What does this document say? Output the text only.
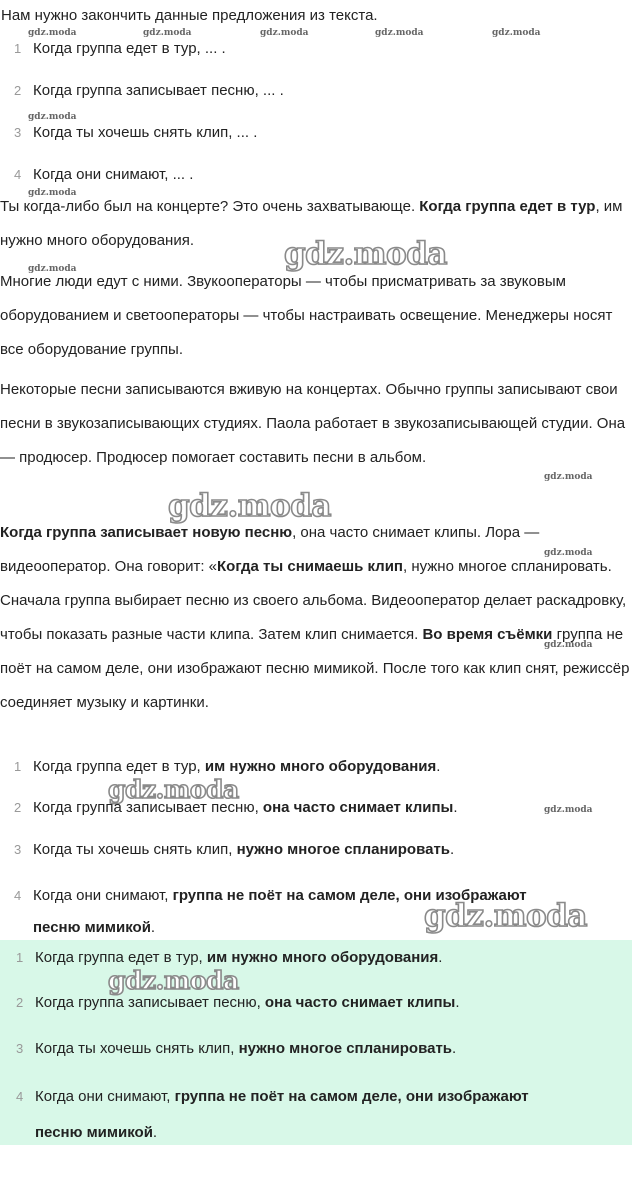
Нам нужно закончить данные предложения из текста.
gdz.moda	gdz.moda	gdz.moda	gdz.moda	gdz.moda
1 Когда группа едет в тур, ... .
2 Когда группа записывает песню, ... .
gdz.moda
3 Когда ты хочешь снять клип, ... .
4 Когда они снимают, ... .
gdz.moda
Ты когда-либо был на концерте? Это очень захватывающе. Когда группа едет в тур, им нужно много оборудования.	gdz.moda
gdz.moda
Многие люди едут с ними. Звукооператоры — чтобы присматривать за звуковым оборудованием и светооператоры — чтобы настраивать освещение. Менеджеры носят все оборудование группы.
Некоторые песни записываются вживую на концертах. Обычно группы записывают свои песни в звукозаписывающих студиях. Паола работает в звукозаписывающей студии. Она — продюсер. Продюсер помогает составить песни в альбом.
gdz.moda
gdz.moda
gdz.moda
Когда группа записывает новую песню, она часто снимает клипы. Лора — видеооператор. Она говорит: «Когда ты снимаешь клип, нужно многое спланировать. Сначала группа выбирает песню из своего альбома. Видеооператор делает раскадровку, чтобы показать разные части клипа. Затем клип снимается. Во время съёмки группа не поёт на самом деле, они изображают песню мимикой. После того как клип снят, режиссёр соединяет музыку и картинки.
gdz.moda
1 Когда группа едет в тур, им нужно много оборудования.
gdz.moda
2 Когда группа записывает песню, она часто снимает клипы.	gdz.moda
3 Когда ты хочешь снять клип, нужно многое спланировать.
4 Когда они снимают, группа не поёт на самом деле, они изображают
песню мимикой.	gdz.moda
1 Когда группа едет в тур, им нужно много оборудования.
gdz.moda
2 Когда группа записывает песню, она часто снимает клипы.
3 Когда ты хочешь снять клип, нужно многое спланировать.
4 Когда они снимают, группа не поёт на самом деле, они изображают
песню мимикой.
